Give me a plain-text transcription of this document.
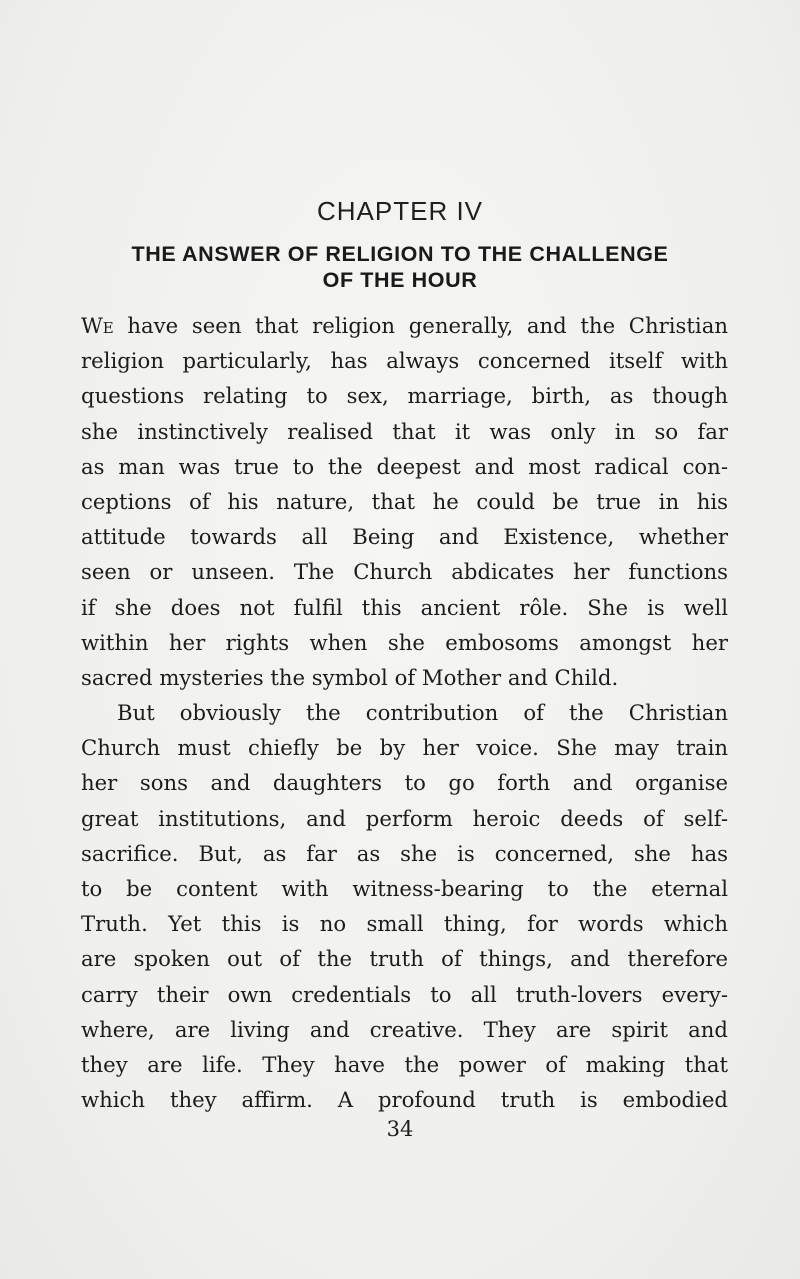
CHAPTER IV
THE ANSWER OF RELIGION TO THE CHALLENGE
OF THE HOUR
We have seen that religion generally, and the Christian
religion particularly, has always concerned itself with
questions relating to sex, marriage, birth, as though
she instinctively realised that it was only in so far
as man was true to the deepest and most radical con-
ceptions of his nature, that he could be true in his
attitude towards all Being and Existence, whether
seen or unseen. The Church abdicates her functions
if she does not fulfil this ancient rôle. She is well
within her rights when she embosoms amongst her
sacred mysteries the symbol of Mother and Child.
But obviously the contribution of the Christian
Church must chiefly be by her voice. She may train
her sons and daughters to go forth and organise
great institutions, and perform heroic deeds of self-
sacrifice. But, as far as she is concerned, she has
to be content with witness-bearing to the eternal
Truth. Yet this is no small thing, for words which
are spoken out of the truth of things, and therefore
carry their own credentials to all truth-lovers every-
where, are living and creative. They are spirit and
they are life. They have the power of making that
which they affirm. A profound truth is embodied
34
